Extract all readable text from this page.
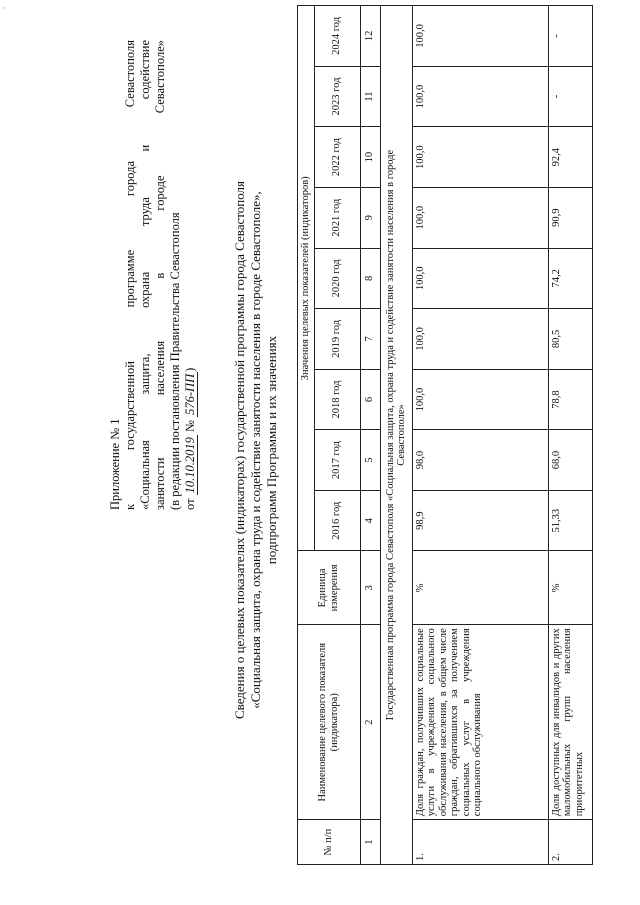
·
Приложение № 1 к государственной программе города Севастополя «Социальная защита, охрана труда и содействие занятости населения в городе Севастополе» (в редакции постановления Правительства Севастополя от 10.10.2019 № 576-ПП)	Сведения о целевых показателях (индикаторах) государственной программы города Севастополя «Социальная защита, охрана труда и содействие занятости населения в городе Севастополе», подпрограмм Программы и их значениях
№ п/п	Наименование целевого показателя (индикатора)	Единица измерения	Значения целевых показателей (индикаторов)								
			2016 год	2017 год	2018 год	2019 год	2020 год	2021 год	2022 год	2023 год	2024 год
1	2	3	4	5	6	7	8	9	10	11	12
Государственная программа города Севастополя «Социальная защита, охрана труда и содействие занятости населения в городе Севастополе»											
1.	Доля граждан, получивших социальные услуги в учреждениях социального обслуживания населения, в общем числе граждан, обратившихся за получением социальных услуг в учреждения социального обслуживания	%	98,9	98,0	100,0	100,0	100,0	100,0	100,0	100,0	100,0
2.	Доля доступных для инвалидов и других маломобильных групп населения приоритетных	%	51,33	68,0	78,8	80,5	74,2	90,9	92,4	-	-
